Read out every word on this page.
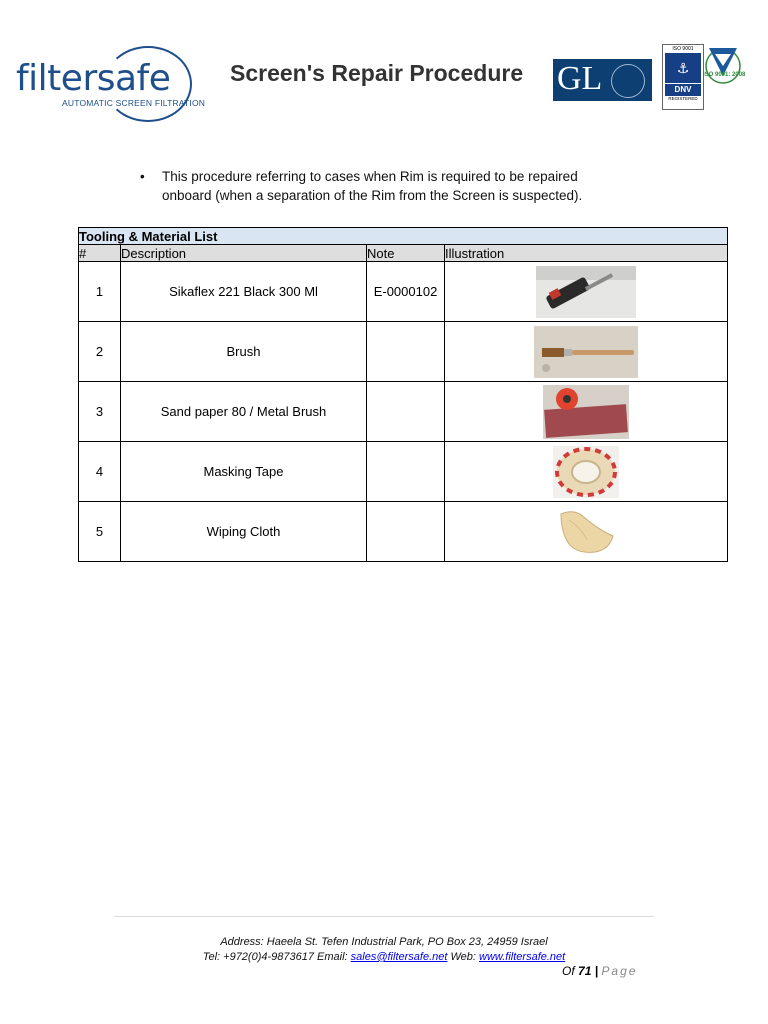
filtersafe
AUTOMATIC SCREEN FILTRATION
Screen's Repair Procedure GL
ISO 9001
⚓
DNV
REGISTERED
ISO 9001: 2008
• This procedure referring to cases when Rim is required to be repaired onboard (when a separation of the Rim from the Screen is suspected).
Tooling & Material List			
#	Description	Note	Illustration
1	Sikaflex 221 Black 300 Ml	E-0000102	
2	Brush		
3	Sand paper 80 / Metal Brush		
4	Masking Tape		
5	Wiping Cloth		
Address: Haeela St. Tefen Industrial Park, PO Box 23, 24959 Israel
Tel: +972(0)4-9873617 Email: sales@filtersafe.net Web: www.filtersafe.net
Of 71 | Page
